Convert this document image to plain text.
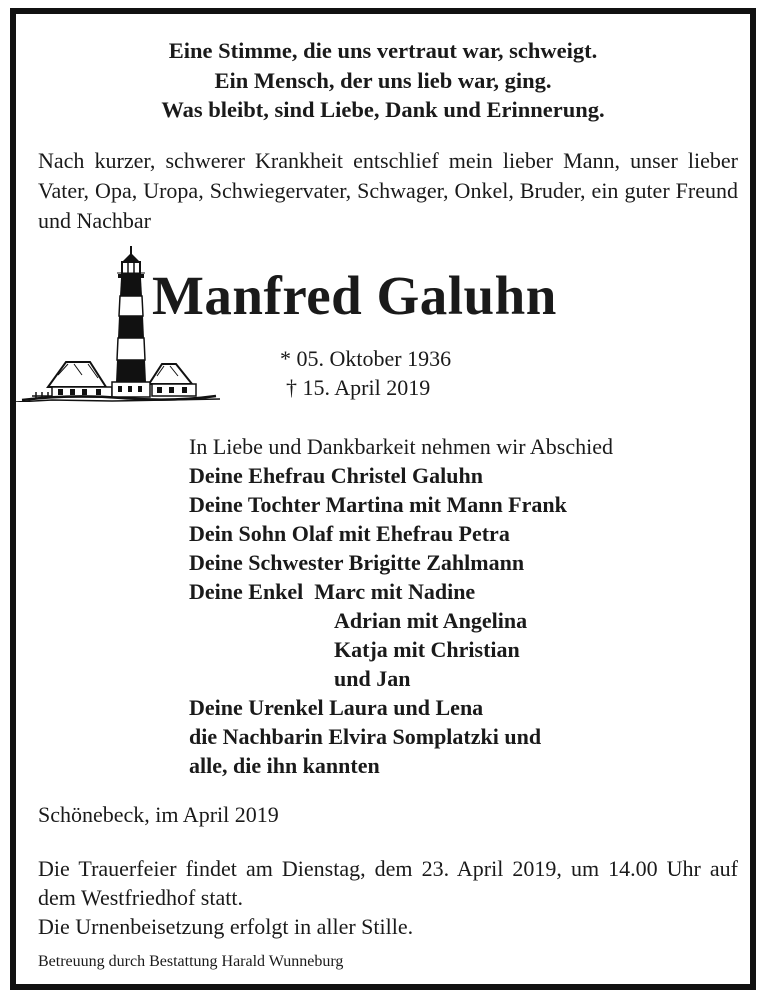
Eine Stimme, die uns vertraut war, schweigt.
Ein Mensch, der uns lieb war, ging.
Was bleibt, sind Liebe, Dank und Erinnerung.
Nach kurzer, schwerer Krankheit entschlief mein lieber Mann, unser lieber Vater, Opa, Uropa, Schwiegervater, Schwager, Onkel, Bruder, ein guter Freund und Nachbar
Manfred Galuhn
* 05. Oktober 1936
† 15. April 2019
In Liebe und Dankbarkeit nehmen wir Abschied
Deine Ehefrau Christel Galuhn
Deine Tochter Martina mit Mann Frank
Dein Sohn Olaf mit Ehefrau Petra
Deine Schwester Brigitte Zahlmann
Deine Enkel Marc mit Nadine
Adrian mit Angelina
Katja mit Christian
und Jan
Deine Urenkel Laura und Lena
die Nachbarin Elvira Somplatzki und
alle, die ihn kannten
Schönebeck, im April 2019
Die Trauerfeier findet am Dienstag, dem 23. April 2019, um 14.00 Uhr auf dem Westfriedhof statt.
Die Urnenbeisetzung erfolgt in aller Stille.
Betreuung durch Bestattung Harald Wunneburg
